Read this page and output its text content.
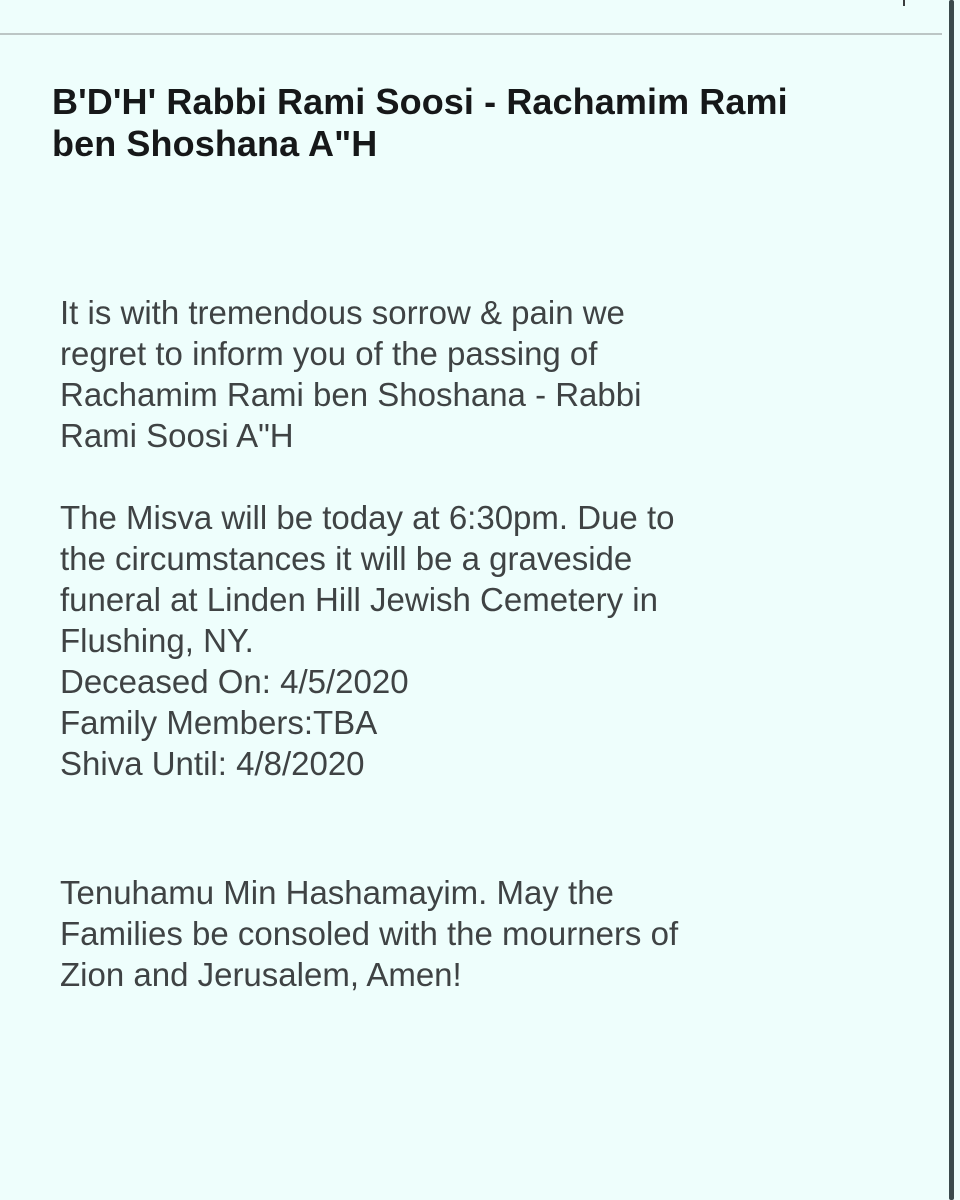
B'D'H' Rabbi Rami Soosi - Rachamim Rami
ben Shoshana A"H

It is with tremendous sorrow & pain we
regret to inform you of the passing of
Rachamim Rami ben Shoshana - Rabbi
Rami Soosi A"H

The Misva will be today at 6:30pm. Due to
the circumstances it will be a graveside
funeral at Linden Hill Jewish Cemetery in
Flushing, NY.
Deceased On: 4/5/2020
Family Members:TBA
Shiva Until: 4/8/2020

Tenuhamu Min Hashamayim. May the
Families be consoled with the mourners of
Zion and Jerusalem, Amen!
